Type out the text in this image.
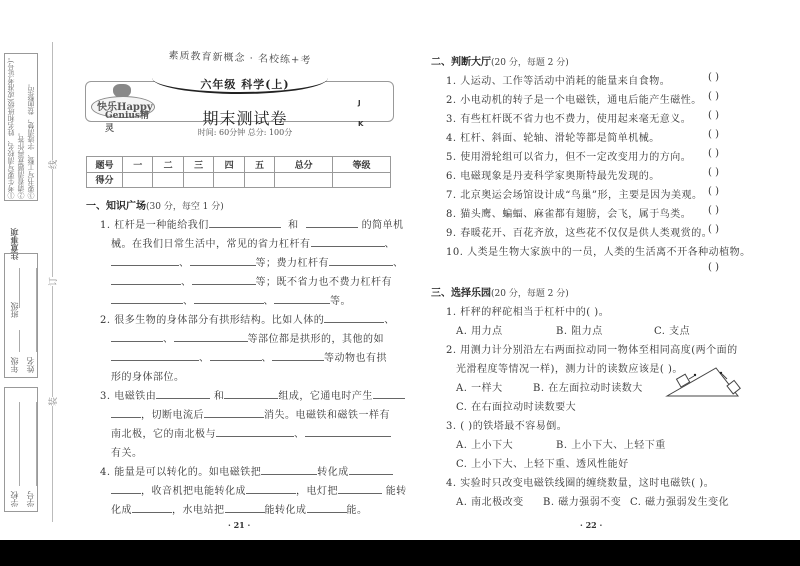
①考生要写清校名、姓名和班级(或准考证号)。 ②请看清题意再作答。 ③要书写工整、字迹清楚，卷面整洁。
注意事项
年级
班级
姓名
学校 学号
线
订
装
素质教育新概念 · 名校练+考
六年级 科学(上)
快乐Happy
Genius精灵
期末测试卷
时间: 60分钟 总分: 100分
J
K
题号	一	二	三	四	五	总分	等级
得分							
一、知识广场(30 分，每空 1 分)
1. 杠杆是一种能给我们	和	的简单机
械。在我们日常生活中，常见的省力杠杆有	、
、	等；费力杠杆有	、
、	等；既不省力也不费力杠杆有
、	、	等。
2. 很多生物的身体部分有拱形结构。比如人体的	、
、	等部位都是拱形的，其他的如
、	、	等动物也有拱
形的身体部位。
3. 电磁铁由	和	组成，它通电时产生
，切断电流后	消失。电磁铁和磁铁一样有
南北极，它的南北极与	、
有关。
4. 能量是可以转化的。如电磁铁把	转化成
，收音机把电能转化成	，电灯把	能转
化成	，水电站把	能转化成	能。
· 21 ·
二、判断大厅(20 分，每题 2 分)
1. 人运动、工作等活动中消耗的能量来自食物。	( )
2. 小电动机的转子是一个电磁铁，通电后能产生磁性。 ( )
3. 有些杠杆既不省力也不费力，使用起来毫无意义。 ( )
4. 杠杆、斜面、轮轴、滑轮等都是简单机械。	( )
5. 使用滑轮组可以省力，但不一定改变用力的方向。 ( )
6. 电磁现象是丹麦科学家奥斯特最先发现的。	( )
7. 北京奥运会场馆设计成“鸟巢”形，主要是因为美观。 ( )
8. 猫头鹰、蝙蝠、麻雀都有翅膀，会飞，属于鸟类。 ( )
9. 春暖花开、百花齐放，这些花不仅仅是供人类观赏的。
( )
10. 人类是生物大家族中的一员，人类的生活离不开各种动植物。
( )
三、选择乐园(20 分，每题 2 分)
1. 杆秤的秤砣相当于杠杆中的( )。
A. 用力点	B. 阻力点	C. 支点
2. 用测力计分别沿左右两面拉动同一物体至相同高度(两个面的
光滑程度等情况一样)，测力计的读数应该是( )。
A. 一样大	B. 在左面拉动时读数大
C. 在右面拉动时读数要大
3. ( )的铁塔最不容易倒。
A. 上小下大	B. 上小下大、上轻下重
C. 上小下大、上轻下重、透风性能好
4. 实验时只改变电磁铁线圈的缠绕数量，这时电磁铁( )。
A. 南北极改变 B. 磁力强弱不变 C. 磁力强弱发生变化
· 22 ·
